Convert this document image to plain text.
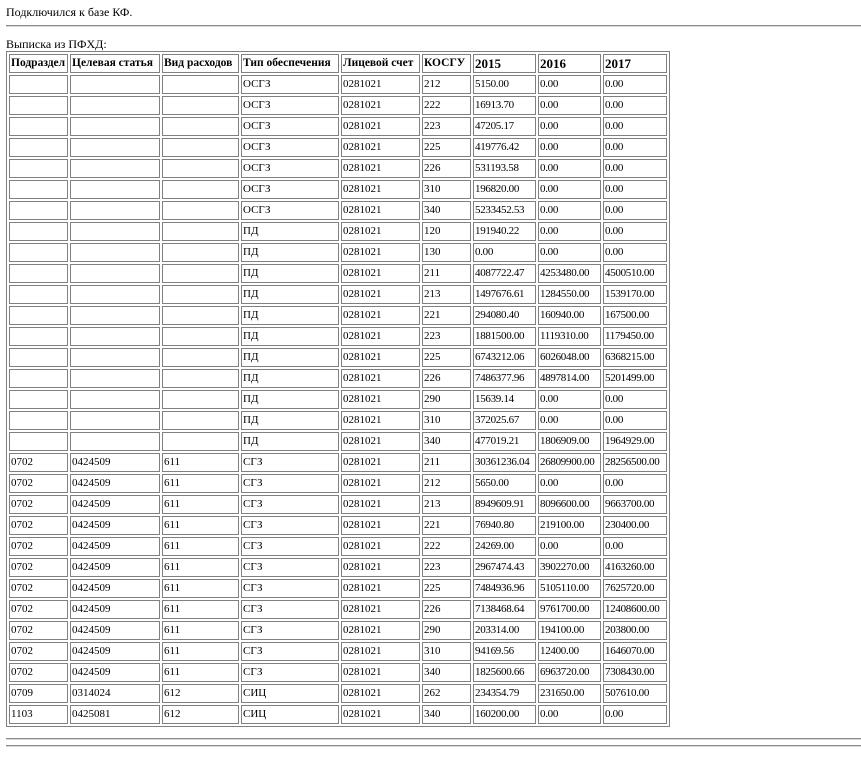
Подключился к базе КФ.
Выписка из ПФХД:
Подраздел	Целевая статья	Вид расходов	Тип обеспечения	Лицевой счет	КОСГУ	2015	2016	2017
			ОСГЗ	0281021	212	5150.00	0.00	0.00
			ОСГЗ	0281021	222	16913.70	0.00	0.00
			ОСГЗ	0281021	223	47205.17	0.00	0.00
			ОСГЗ	0281021	225	419776.42	0.00	0.00
			ОСГЗ	0281021	226	531193.58	0.00	0.00
			ОСГЗ	0281021	310	196820.00	0.00	0.00
			ОСГЗ	0281021	340	5233452.53	0.00	0.00
			ПД	0281021	120	191940.22	0.00	0.00
			ПД	0281021	130	0.00	0.00	0.00
			ПД	0281021	211	4087722.47	4253480.00	4500510.00
			ПД	0281021	213	1497676.61	1284550.00	1539170.00
			ПД	0281021	221	294080.40	160940.00	167500.00
			ПД	0281021	223	1881500.00	1119310.00	1179450.00
			ПД	0281021	225	6743212.06	6026048.00	6368215.00
			ПД	0281021	226	7486377.96	4897814.00	5201499.00
			ПД	0281021	290	15639.14	0.00	0.00
			ПД	0281021	310	372025.67	0.00	0.00
			ПД	0281021	340	477019.21	1806909.00	1964929.00
0702	0424509	611	СГЗ	0281021	211	30361236.04	26809900.00	28256500.00
0702	0424509	611	СГЗ	0281021	212	5650.00	0.00	0.00
0702	0424509	611	СГЗ	0281021	213	8949609.91	8096600.00	9663700.00
0702	0424509	611	СГЗ	0281021	221	76940.80	219100.00	230400.00
0702	0424509	611	СГЗ	0281021	222	24269.00	0.00	0.00
0702	0424509	611	СГЗ	0281021	223	2967474.43	3902270.00	4163260.00
0702	0424509	611	СГЗ	0281021	225	7484936.96	5105110.00	7625720.00
0702	0424509	611	СГЗ	0281021	226	7138468.64	9761700.00	12408600.00
0702	0424509	611	СГЗ	0281021	290	203314.00	194100.00	203800.00
0702	0424509	611	СГЗ	0281021	310	94169.56	12400.00	1646070.00
0702	0424509	611	СГЗ	0281021	340	1825600.66	6963720.00	7308430.00
0709	0314024	612	СИЦ	0281021	262	234354.79	231650.00	507610.00
1103	0425081	612	СИЦ	0281021	340	160200.00	0.00	0.00
